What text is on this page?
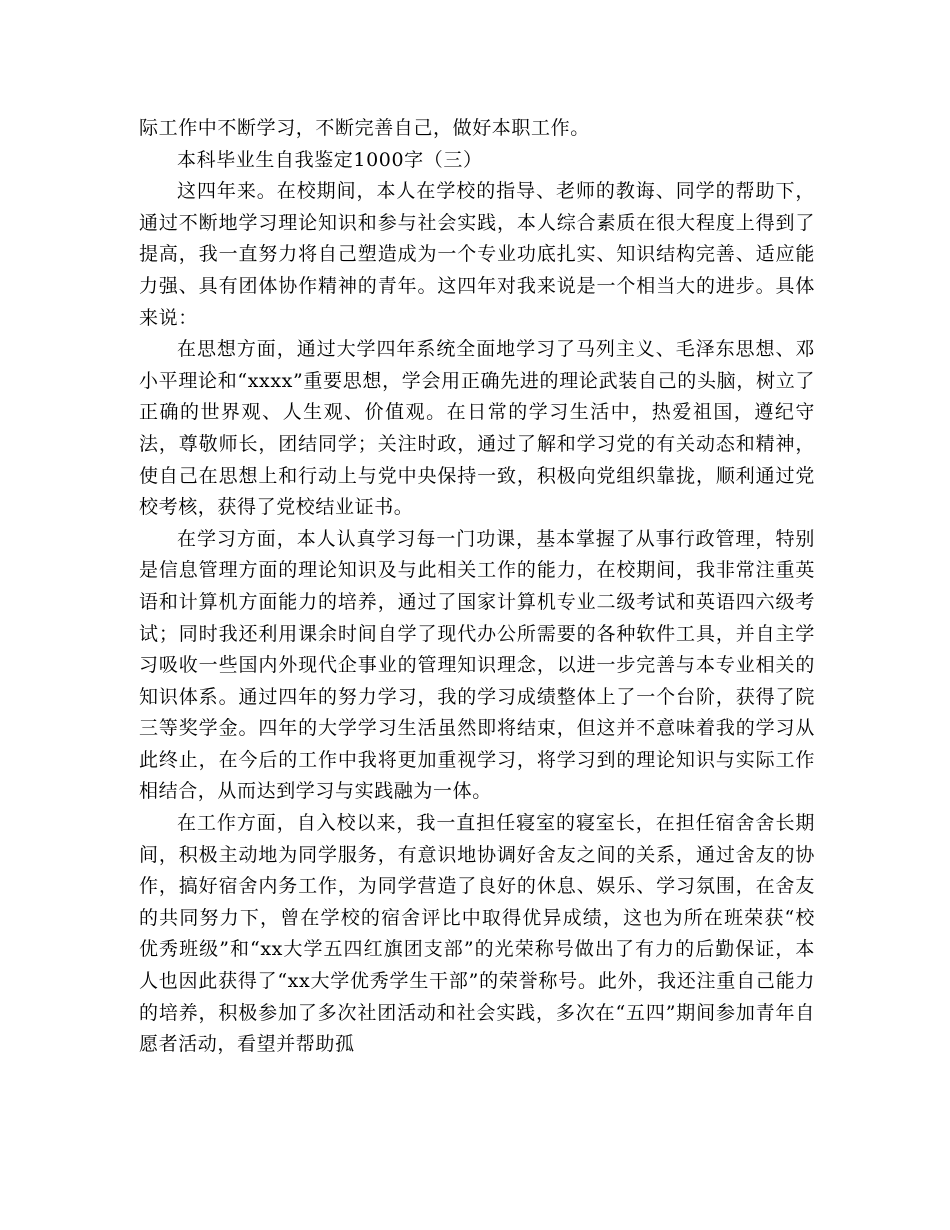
际工作中不断学习，不断完善自己，做好本职工作。

本科毕业生自我鉴定1000字（三）

这四年来。在校期间，本人在学校的指导、老师的教诲、同学的帮助下，通过不断地学习理论知识和参与社会实践，本人综合素质在很大程度上得到了提高，我一直努力将自己塑造成为一个专业功底扎实、知识结构完善、适应能力强、具有团体协作精神的青年。这四年对我来说是一个相当大的进步。具体来说：

在思想方面，通过大学四年系统全面地学习了马列主义、毛泽东思想、邓小平理论和“xxxx”重要思想，学会用正确先进的理论武装自己的头脑，树立了正确的世界观、人生观、价值观。在日常的学习生活中，热爱祖国，遵纪守法，尊敬师长，团结同学；关注时政，通过了解和学习党的有关动态和精神，使自己在思想上和行动上与党中央保持一致，积极向党组织靠拢，顺利通过党校考核，获得了党校结业证书。

在学习方面，本人认真学习每一门功课，基本掌握了从事行政管理，特别是信息管理方面的理论知识及与此相关工作的能力，在校期间，我非常注重英语和计算机方面能力的培养，通过了国家计算机专业二级考试和英语四六级考试；同时我还利用课余时间自学了现代办公所需要的各种软件工具，并自主学习吸收一些国内外现代企事业的管理知识理念，以进一步完善与本专业相关的知识体系。通过四年的努力学习，我的学习成绩整体上了一个台阶，获得了院三等奖学金。四年的大学学习生活虽然即将结束，但这并不意味着我的学习从此终止，在今后的工作中我将更加重视学习，将学习到的理论知识与实际工作相结合，从而达到学习与实践融为一体。

在工作方面，自入校以来，我一直担任寝室的寝室长，在担任宿舍舍长期间，积极主动地为同学服务，有意识地协调好舍友之间的关系，通过舍友的协作，搞好宿舍内务工作，为同学营造了良好的休息、娱乐、学习氛围，在舍友的共同努力下，曾在学校的宿舍评比中取得优异成绩，这也为所在班荣获“校优秀班级”和“xx大学五四红旗团支部”的光荣称号做出了有力的后勤保证，本人也因此获得了“xx大学优秀学生干部”的荣誉称号。此外，我还注重自己能力的培养，积极参加了多次社团活动和社会实践，多次在“五四”期间参加青年自愿者活动，看望并帮助孤
